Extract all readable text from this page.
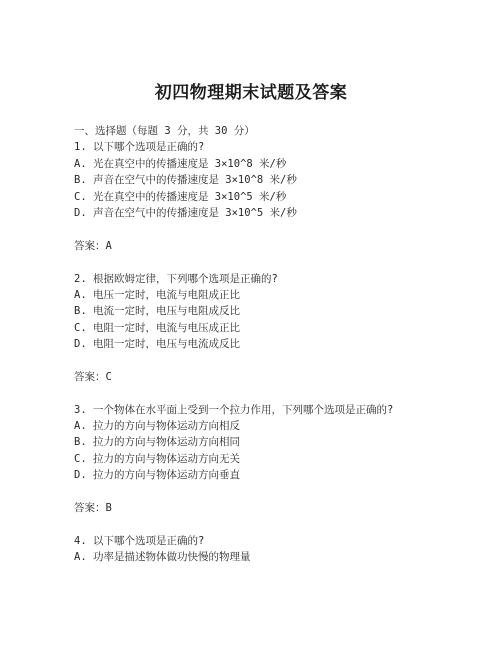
初四物理期末试题及答案
一、选择题（每题 3 分，共 30 分）
1. 以下哪个选项是正确的?
A. 光在真空中的传播速度是 3×10^8 米/秒
B. 声音在空气中的传播速度是 3×10^8 米/秒
C. 光在真空中的传播速度是 3×10^5 米/秒
D. 声音在空气中的传播速度是 3×10^5 米/秒
答案：A
2. 根据欧姆定律，下列哪个选项是正确的?
A. 电压一定时，电流与电阻成正比
B. 电流一定时，电压与电阻成反比
C. 电阻一定时，电流与电压成正比
D. 电阻一定时，电压与电流成反比
答案：C
3. 一个物体在水平面上受到一个拉力作用，下列哪个选项是正确的?
A. 拉力的方向与物体运动方向相反
B. 拉力的方向与物体运动方向相同
C. 拉力的方向与物体运动方向无关
D. 拉力的方向与物体运动方向垂直
答案：B
4. 以下哪个选项是正确的?
A. 功率是描述物体做功快慢的物理量
